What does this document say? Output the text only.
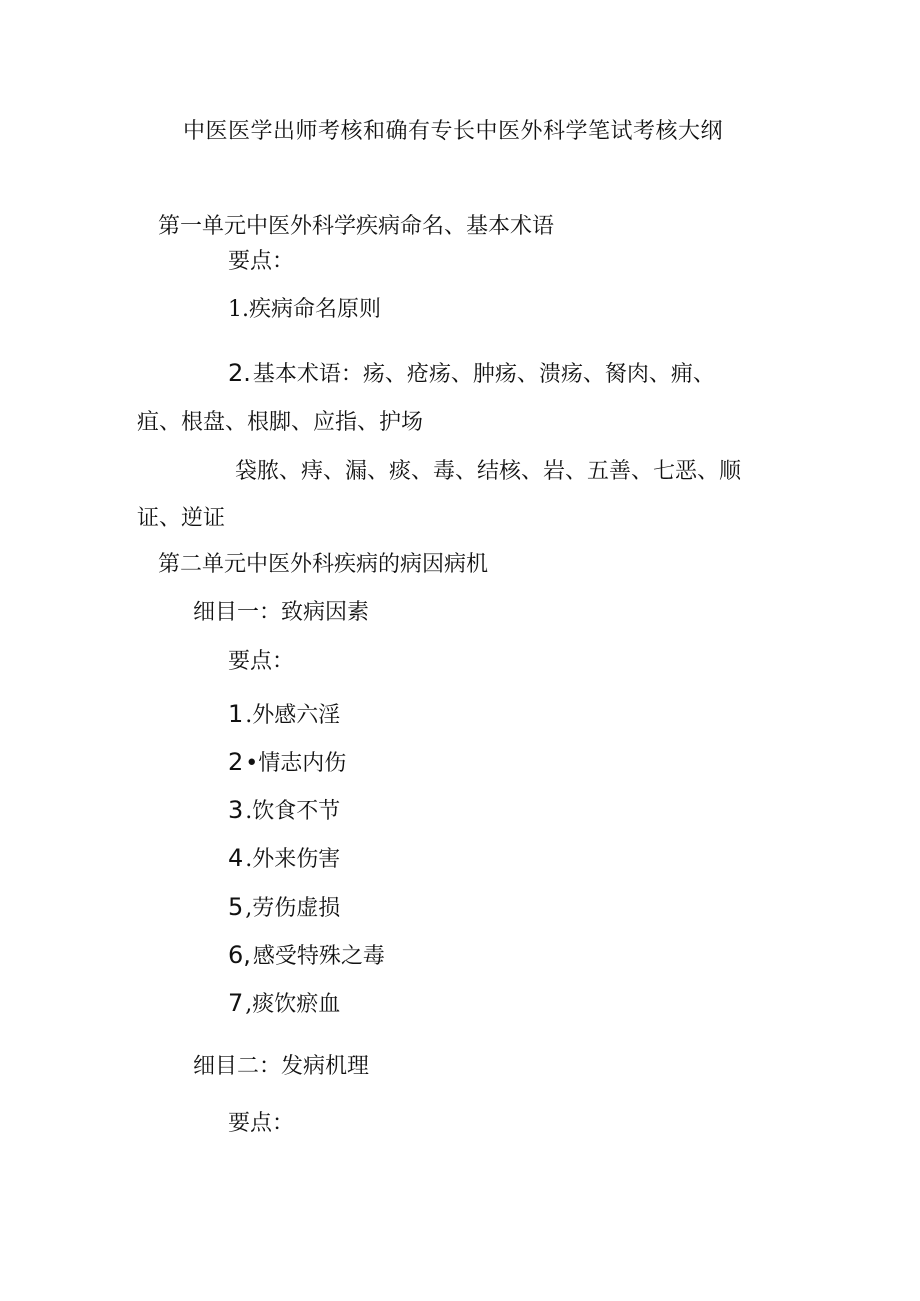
中医医学出师考核和确有专长中医外科学笔试考核大纲
第一单元中医外科学疾病命名、基本术语
要点：
1.疾病命名原则
2.基本术语：疡、疮疡、肿疡、溃疡、胬肉、痈、
疽、根盘、根脚、应指、护场
袋脓、痔、漏、痰、毒、结核、岩、五善、七恶、顺
证、逆证
第二单元中医外科疾病的病因病机
细目一：致病因素
要点：
1.外感六淫
2•情志内伤
3.饮食不节
4.外来伤害
5,劳伤虚损
6,感受特殊之毒
7,痰饮瘀血
细目二：发病机理
要点：
